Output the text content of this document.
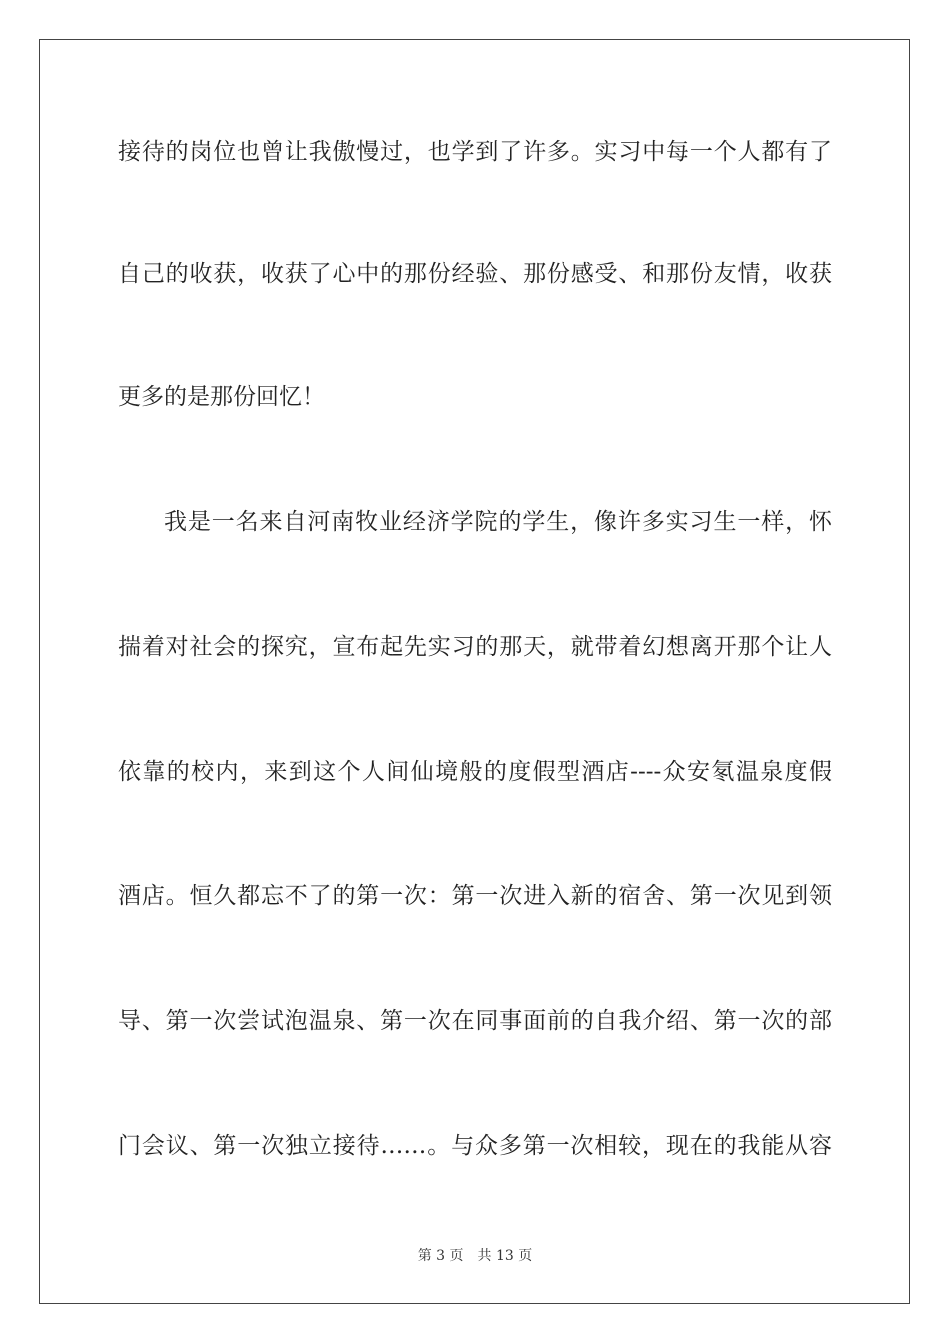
接待的岗位也曾让我傲慢过，也学到了许多。实习中每一个人都有了
自己的收获，收获了心中的那份经验、那份感受、和那份友情，收获
更多的是那份回忆！
我是一名来自河南牧业经济学院的学生，像许多实习生一样，怀
揣着对社会的探究，宣布起先实习的那天，就带着幻想离开那个让人
依靠的校内，来到这个人间仙境般的度假型酒店----众安氡温泉度假
酒店。恒久都忘不了的第一次：第一次进入新的宿舍、第一次见到领
导、第一次尝试泡温泉、第一次在同事面前的自我介绍、第一次的部
门会议、第一次独立接待……。与众多第一次相较，现在的我能从容
第 3 页 共 13 页
